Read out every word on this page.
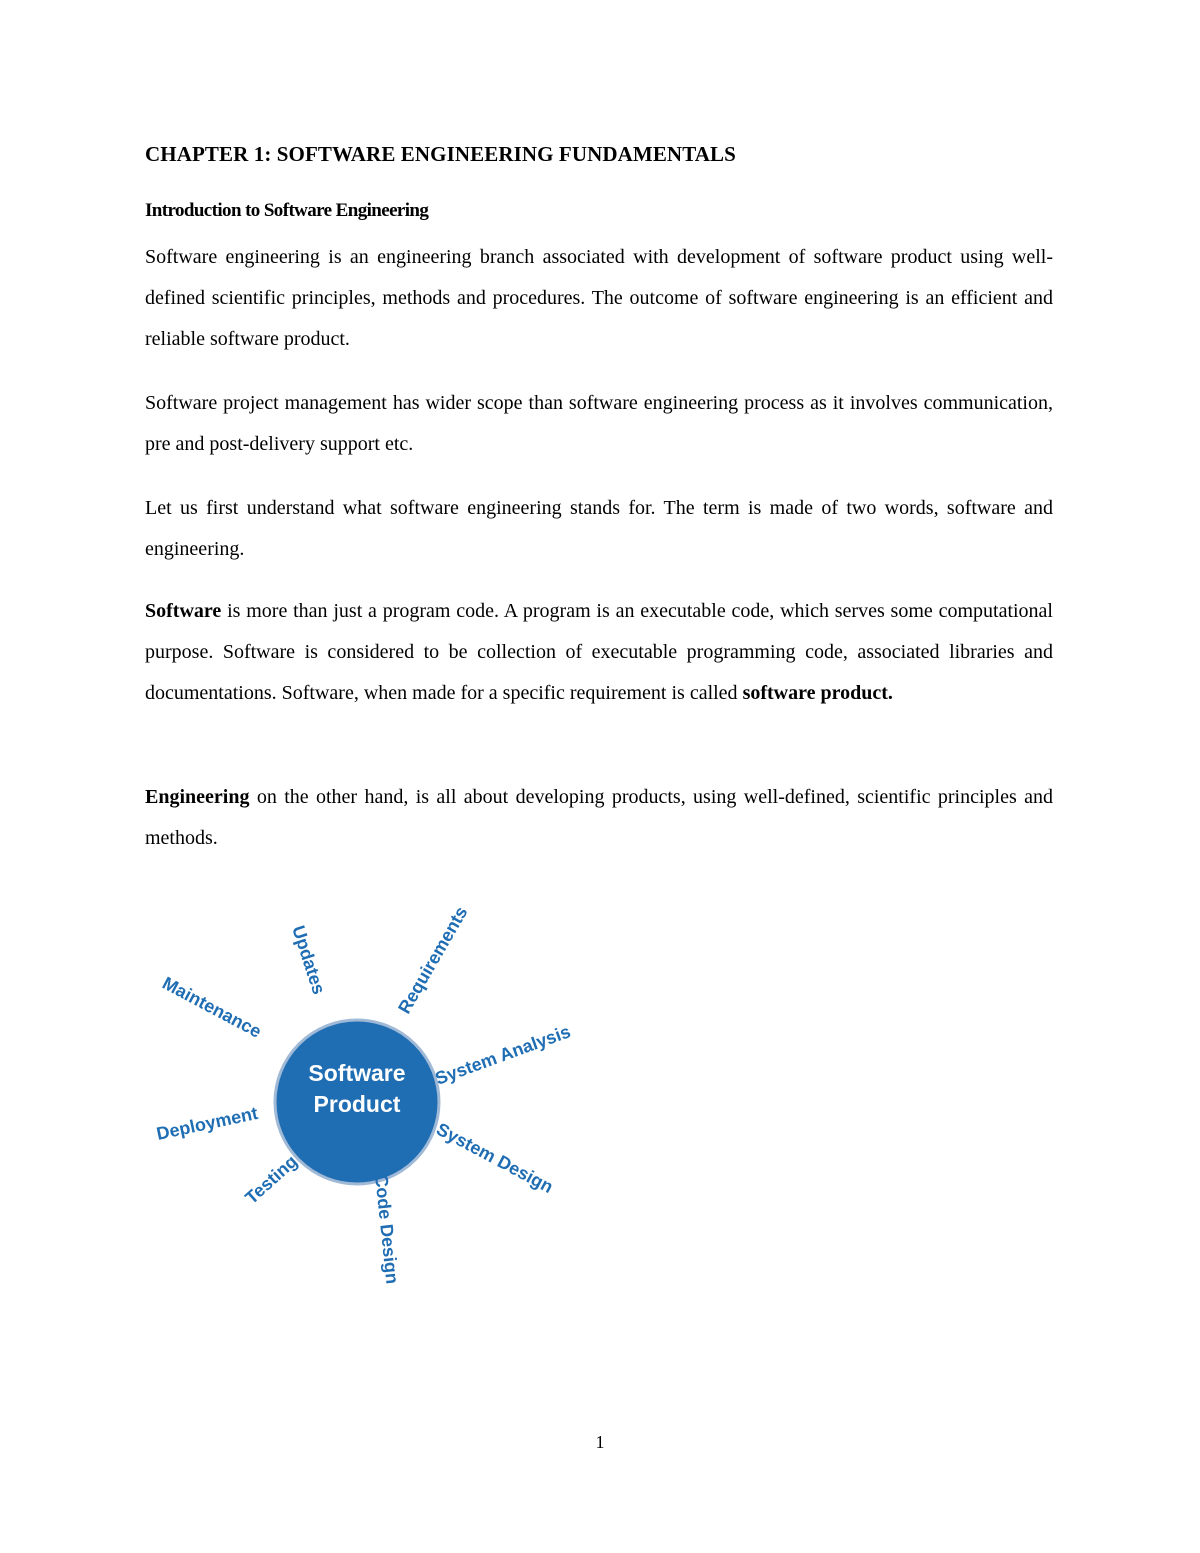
CHAPTER 1: SOFTWARE ENGINEERING FUNDAMENTALS
Introduction to Software Engineering

Software engineering is an engineering branch associated with development of software product using well-defined scientific principles, methods and procedures. The outcome of software engineering is an efficient and reliable software product.

Software project management has wider scope than software engineering process as it involves communication, pre and post-delivery support etc.

Let us first understand what software engineering stands for. The term is made of two words, software and engineering.

Software is more than just a program code. A program is an executable code, which serves some computational purpose. Software is considered to be collection of executable programming code, associated libraries and documentations. Software, when made for a specific requirement is called software product.

Engineering on the other hand, is all about developing products, using well-defined, scientific principles and methods.

Software
Product
Updates	Requirements
System Analysis
System Design
Code Design
Testing
Deployment
Maintenance

1
